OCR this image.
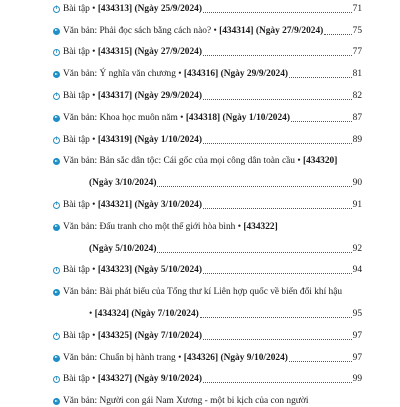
i
Bài tập • [434313] (Ngày 25/9/2024)	71
Văn bản: Phải đọc sách bằng cách nào? • [434314] (Ngày 27/9/2024)	75
i
Bài tập • [434315] (Ngày 27/9/2024)	77
Văn bản: Ý nghĩa văn chương • [434316] (Ngày 29/9/2024)	81
i
Bài tập • [434317] (Ngày 29/9/2024)	82
Văn bản: Khoa học muôn năm • [434318] (Ngày 1/10/2024)	87
i
Bài tập • [434319] (Ngày 1/10/2024)	89
Văn bản: Bản sắc dân tộc: Cái gốc của mọi công dân toàn cầu • [434320]
(Ngày 3/10/2024)	90
i
Bài tập • [434321] (Ngày 3/10/2024)	91
Văn bản: Đấu tranh cho một thế giới hòa bình • [434322]
(Ngày 5/10/2024)	92
i
Bài tập • [434323] (Ngày 5/10/2024)	94
Văn bản: Bài phát biểu của Tổng thư kí Liên hợp quốc về biến đổi khí hậu
• [434324] (Ngày 7/10/2024)	95
i
Bài tập • [434325] (Ngày 7/10/2024)	97
Văn bản: Chuẩn bị hành trang • [434326] (Ngày 9/10/2024)	97
i
Bài tập • [434327] (Ngày 9/10/2024)	99
Văn bản: Người con gái Nam Xương - một bi kịch của con người
